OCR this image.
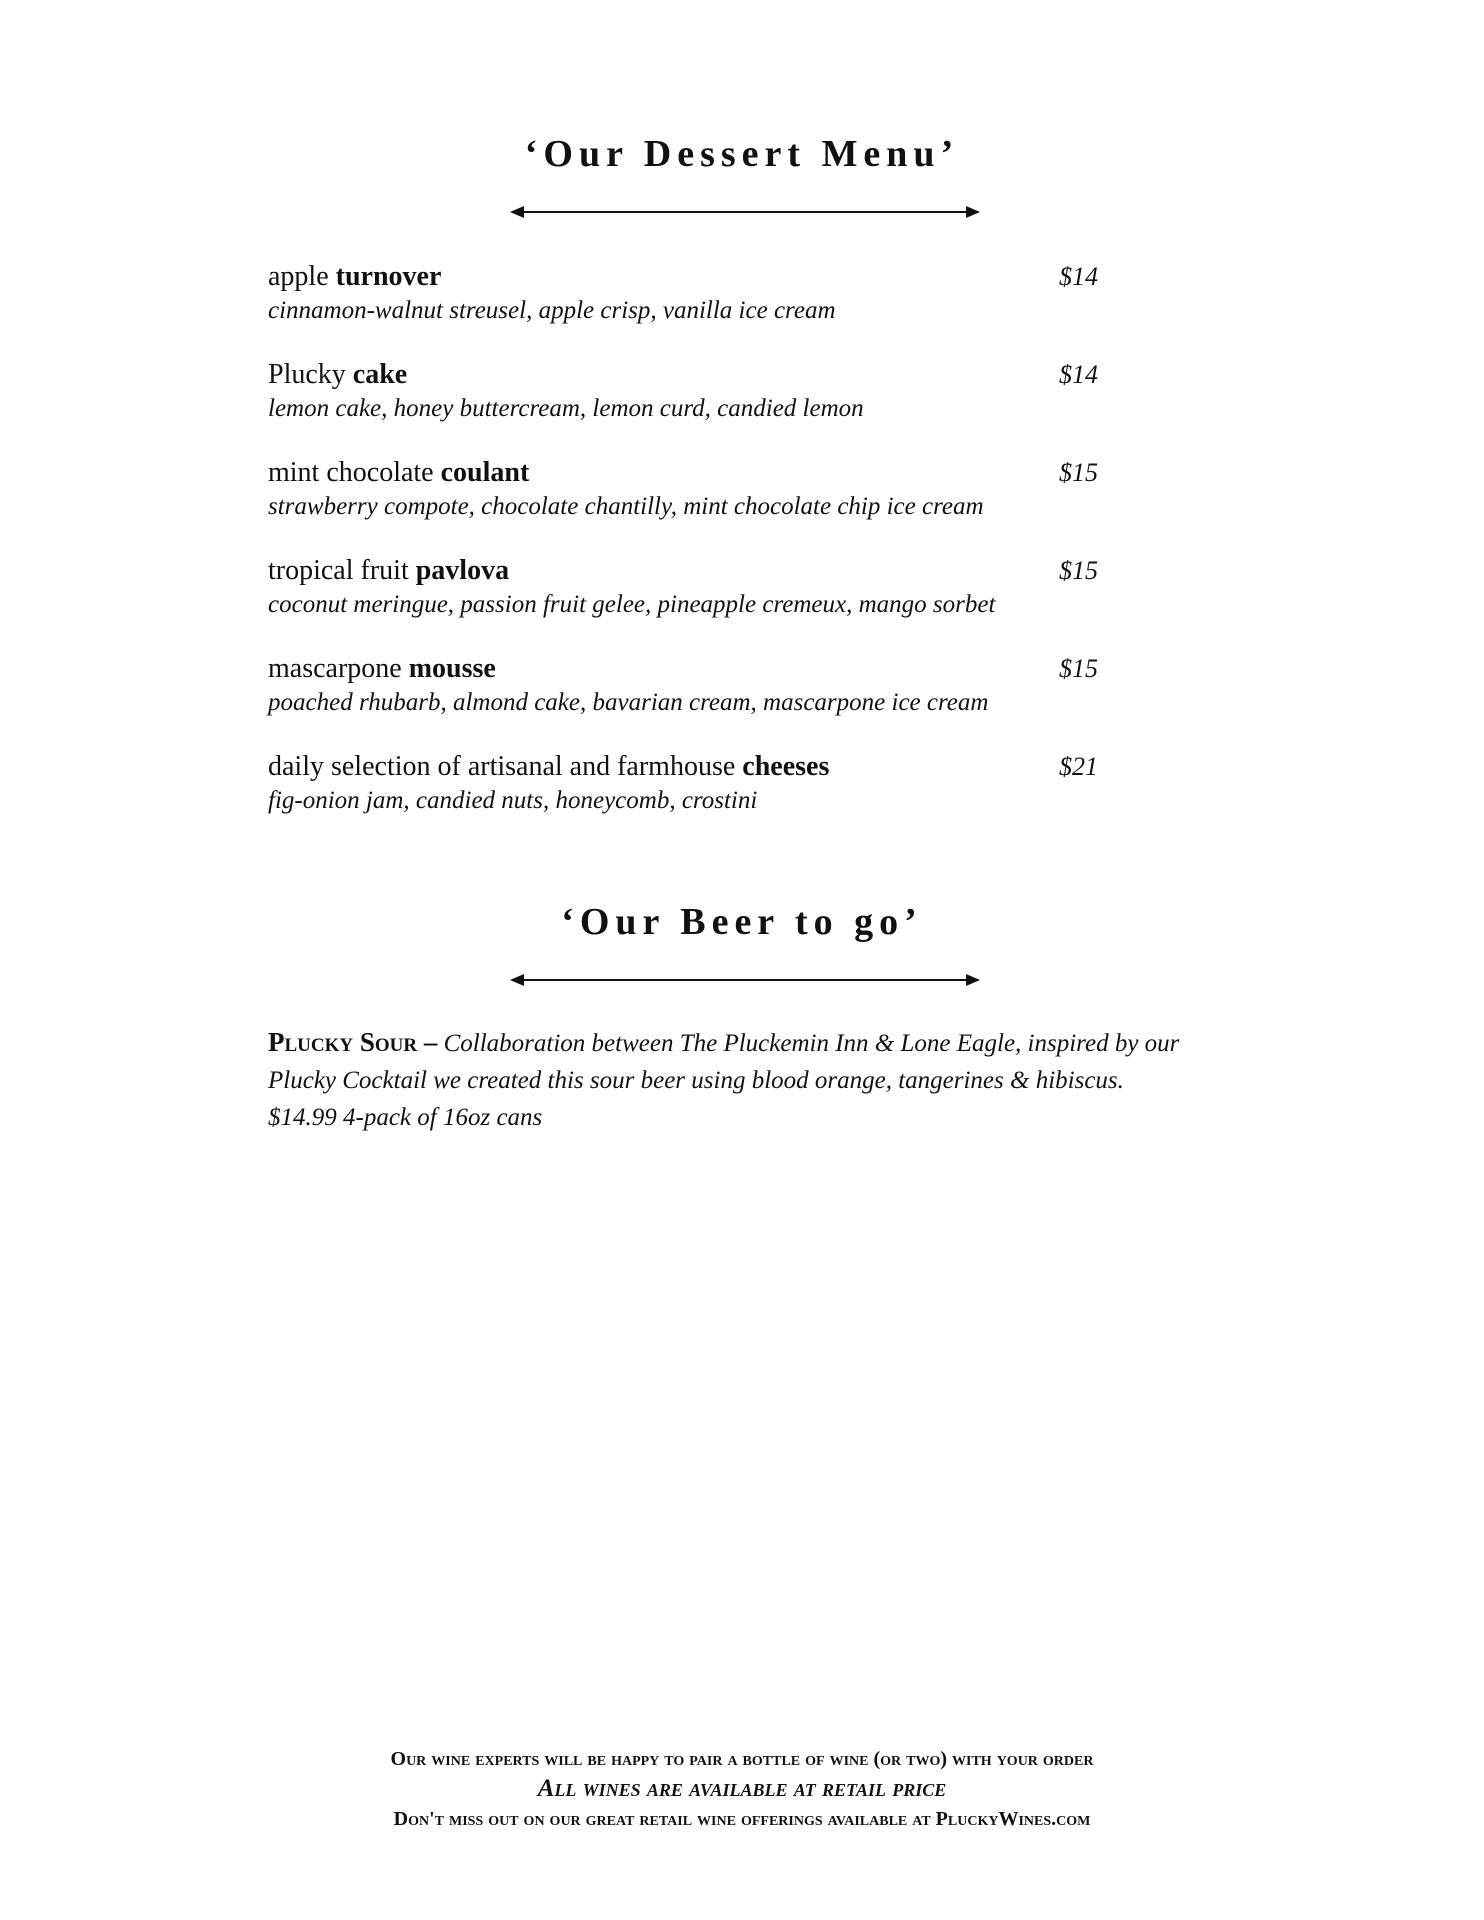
‘Our Dessert Menu’
apple turnover	$14
cinnamon-walnut streusel, apple crisp, vanilla ice cream
Plucky cake	$14
lemon cake, honey buttercream, lemon curd, candied lemon
mint chocolate coulant	$15
strawberry compote, chocolate chantilly, mint chocolate chip ice cream
tropical fruit pavlova	$15
coconut meringue, passion fruit gelee, pineapple cremeux, mango sorbet
mascarpone mousse	$15
poached rhubarb, almond cake, bavarian cream, mascarpone ice cream
daily selection of artisanal and farmhouse cheeses	$21
fig-onion jam, candied nuts, honeycomb, crostini
‘Our Beer to go’
Plucky Sour – Collaboration between The Pluckemin Inn & Lone Eagle, inspired by our Plucky Cocktail we created this sour beer using blood orange, tangerines & hibiscus.
$14.99 4-pack of 16oz cans
Our wine experts will be happy to pair a bottle of wine (or two) with your order
All wines are available at retail price
Don't miss out on our great retail wine offerings available at PluckyWines.com
